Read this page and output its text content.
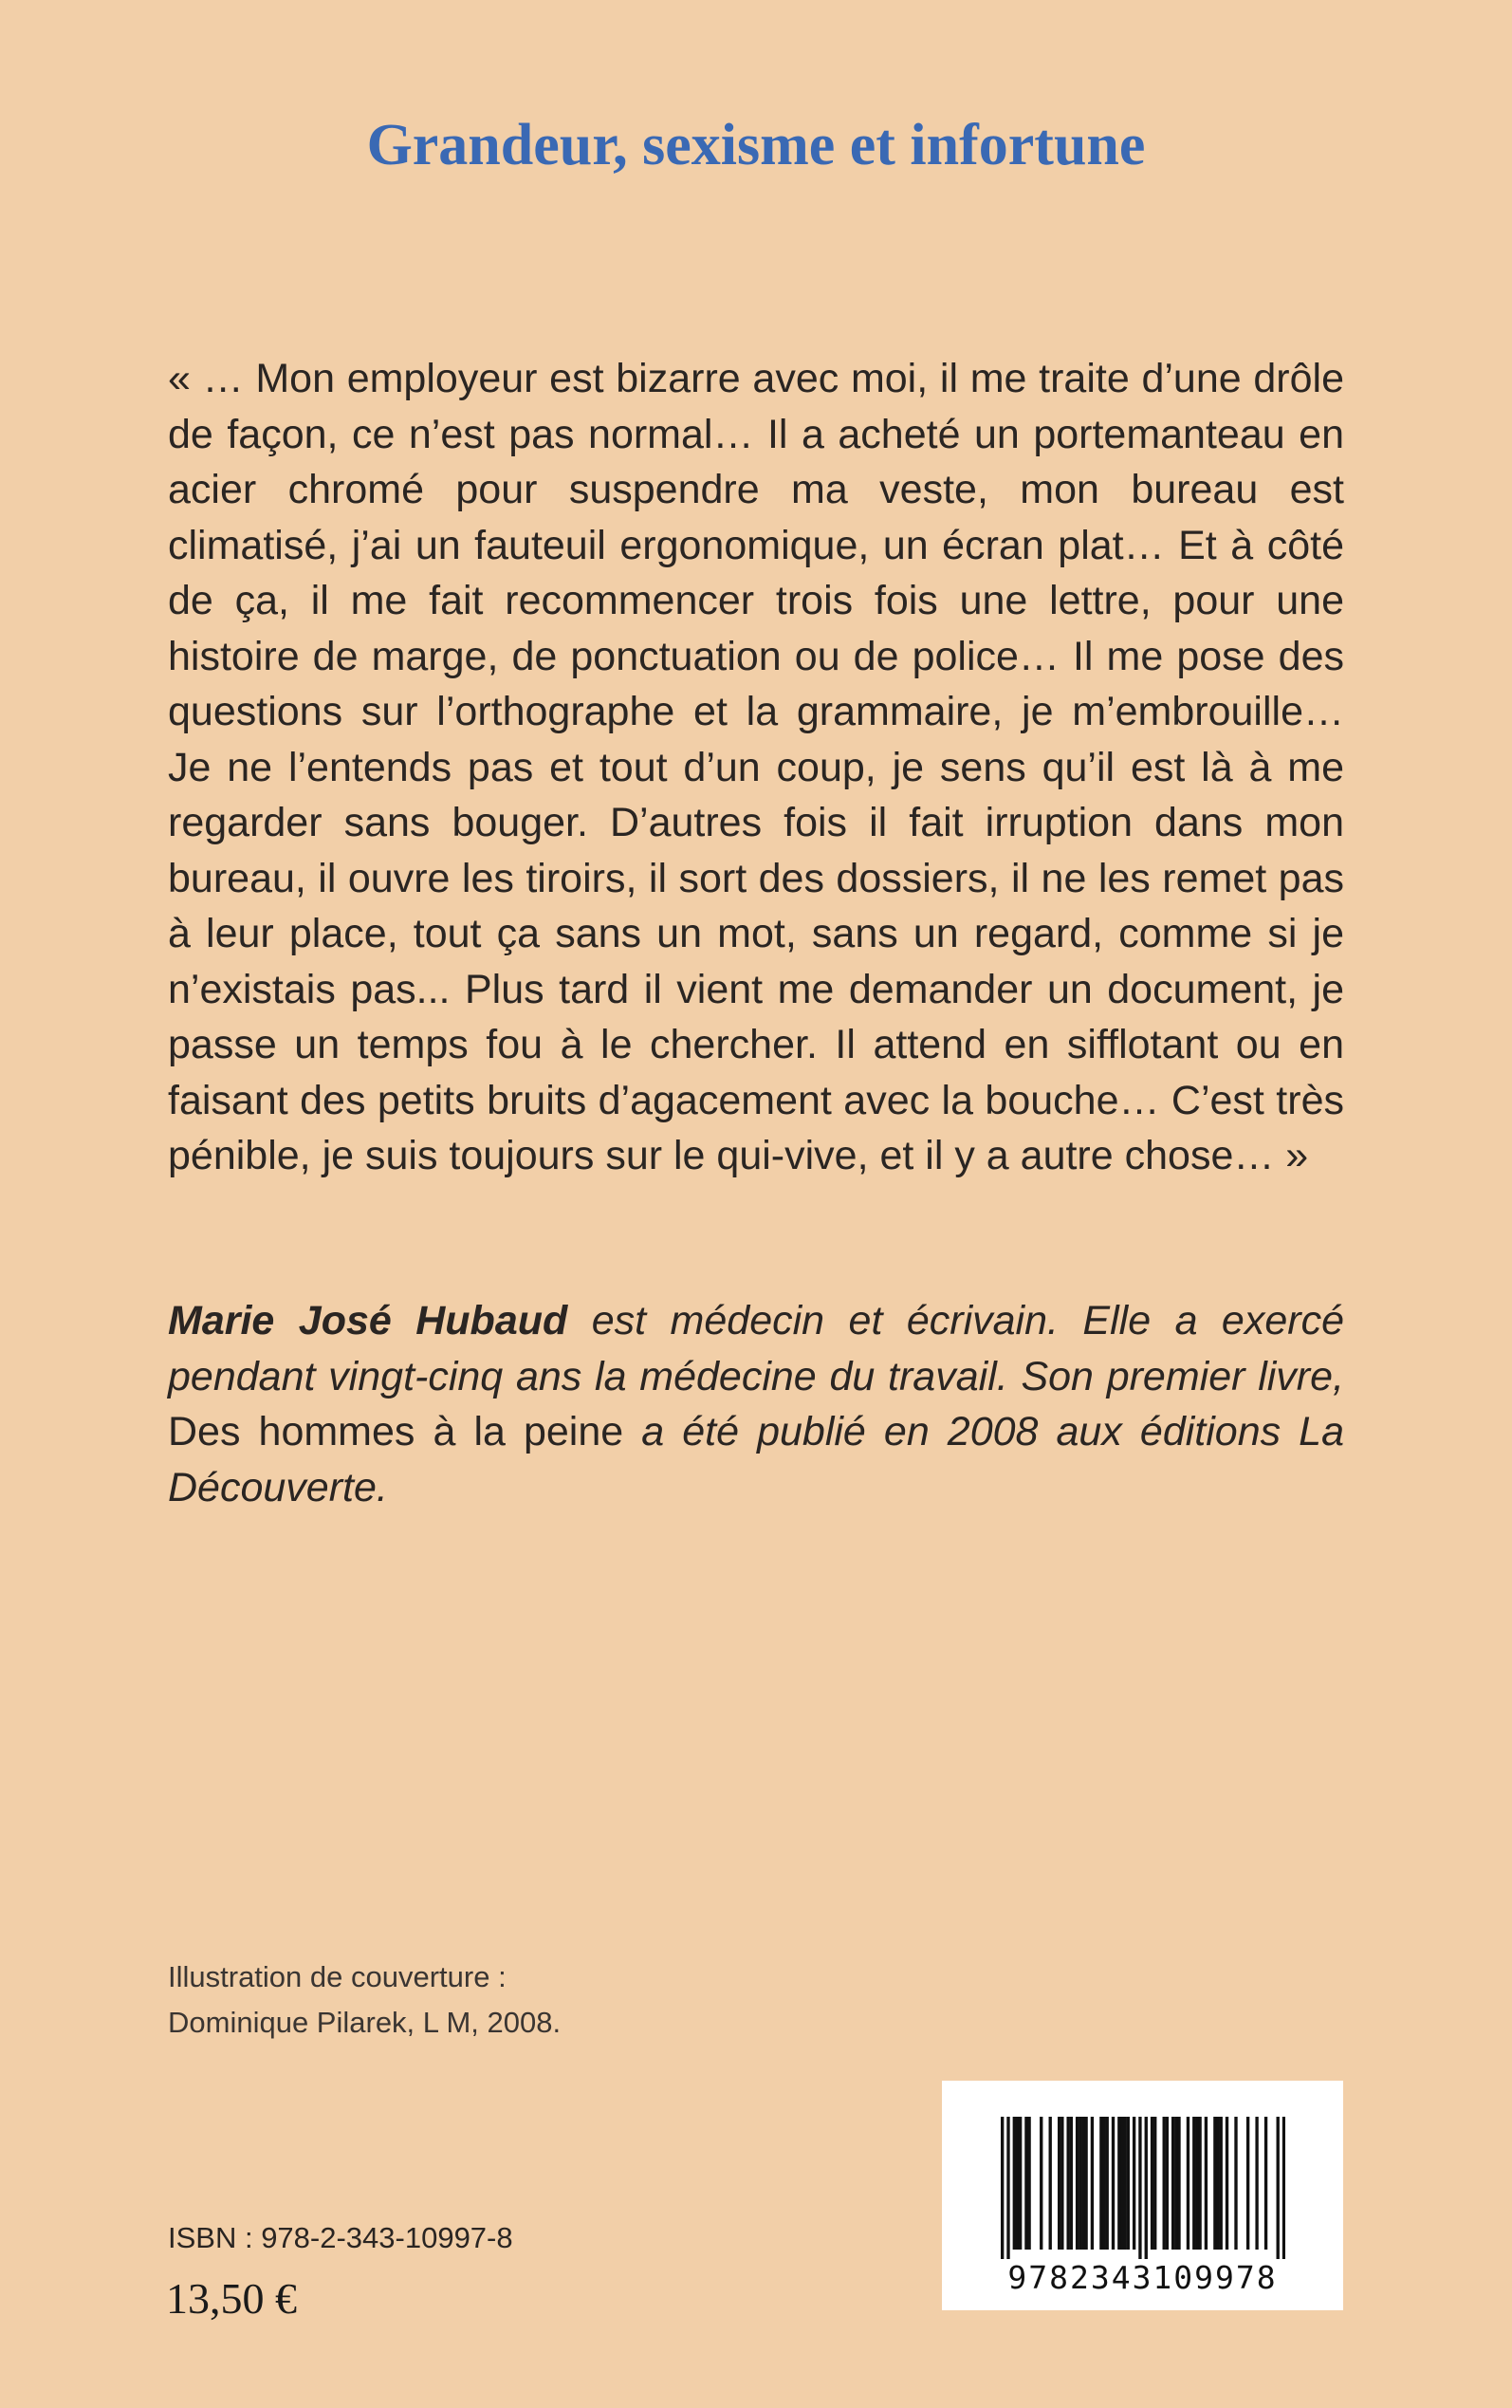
Grandeur, sexisme et infortune

« … Mon employeur est bizarre avec moi, il me traite d’une drôle de façon, ce n’est pas normal… Il a acheté un portemanteau en acier chromé pour suspendre ma veste, mon bureau est climatisé, j’ai un fauteuil ergonomique, un écran plat… Et à côté de ça, il me fait recommencer trois fois une lettre, pour une histoire de marge, de ponctuation ou de police… Il me pose des questions sur l’orthographe et la grammaire, je m’embrouille… Je ne l’entends pas et tout d’un coup, je sens qu’il est là à me regarder sans bouger. D’autres fois il fait irruption dans mon bureau, il ouvre les tiroirs, il sort des dossiers, il ne les remet pas à leur place, tout ça sans un mot, sans un regard, comme si je n’existais pas... Plus tard il vient me demander un document, je passe un temps fou à le chercher. Il attend en sifflotant ou en faisant des petits bruits d’agacement avec la bouche… C’est très pénible, je suis toujours sur le qui-vive, et il y a autre chose… »

Marie José Hubaud est médecin et écrivain. Elle a exercé pendant vingt-cinq ans la médecine du travail. Son premier livre, Des hommes à la peine a été publié en 2008 aux éditions La Découverte.

Illustration de couverture :
Dominique Pilarek, L M, 2008.
ISBN : 978-2-343-10997-8
13,50 €	9782343109978
